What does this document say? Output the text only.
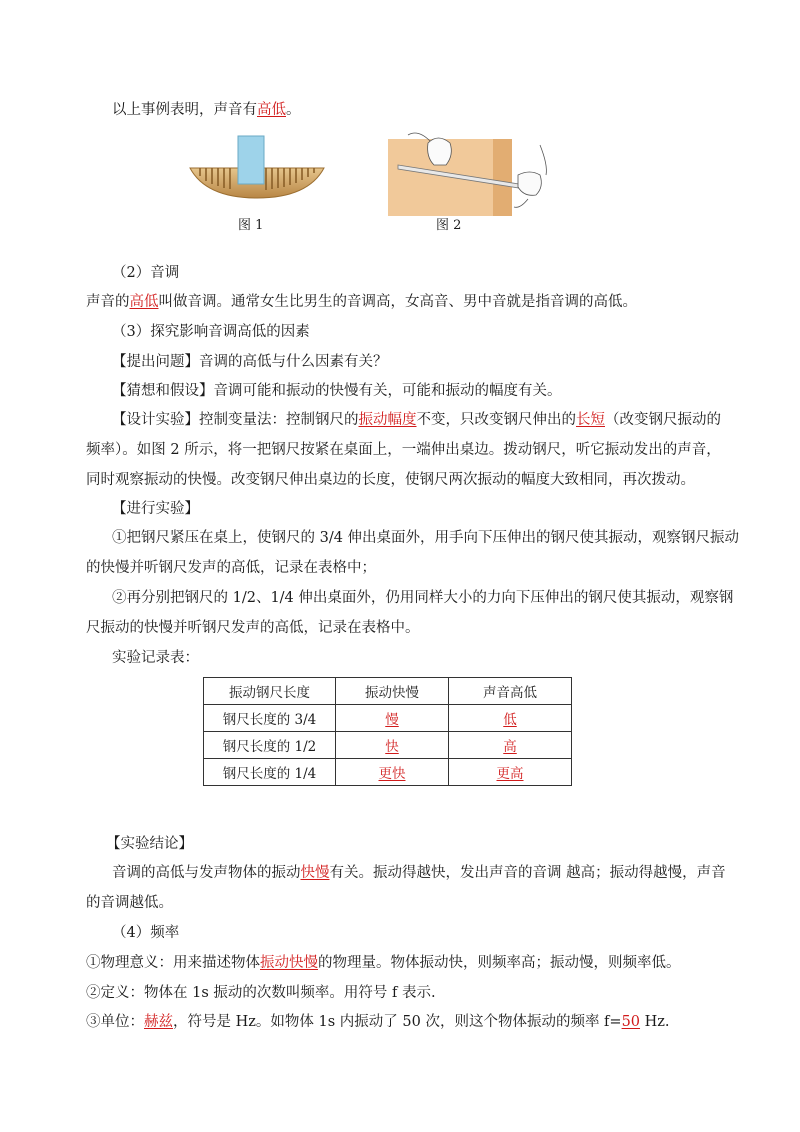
以上事例表明，声音有高低。
图 1	图 2
（2）音调
声音的高低叫做音调。通常女生比男生的音调高，女高音、男中音就是指音调的高低。
（3）探究影响音调高低的因素
【提出问题】音调的高低与什么因素有关？
【猜想和假设】音调可能和振动的快慢有关，可能和振动的幅度有关。
【设计实验】控制变量法：控制钢尺的振动幅度不变，只改变钢尺伸出的长短（改变钢尺振动的
频率）。如图 2 所示，将一把钢尺按紧在桌面上，一端伸出桌边。拨动钢尺，听它振动发出的声音，
同时观察振动的快慢。改变钢尺伸出桌边的长度，使钢尺两次振动的幅度大致相同，再次拨动。
【进行实验】
①把钢尺紧压在桌上，使钢尺的 3/4 伸出桌面外，用手向下压伸出的钢尺使其振动，观察钢尺振动
的快慢并听钢尺发声的高低，记录在表格中；
②再分别把钢尺的 1/2、1/4 伸出桌面外，仍用同样大小的力向下压伸出的钢尺使其振动，观察钢
尺振动的快慢并听钢尺发声的高低，记录在表格中。
实验记录表：
振动钢尺长度	振动快慢	声音高低
钢尺长度的 3/4	慢	低
钢尺长度的 1/2	快	高
钢尺长度的 1/4	更快	更高
【实验结论】
音调的高低与发声物体的振动快慢有关。振动得越快，发出声音的音调 越高；振动得越慢，声音
的音调越低。
（4）频率
①物理意义：用来描述物体振动快慢的物理量。物体振动快，则频率高；振动慢，则频率低。
②定义：物体在 1s 振动的次数叫频率。用符号 f 表示.
③单位：赫兹，符号是 Hz。如物体 1s 内振动了 50 次，则这个物体振动的频率 f=50 Hz.
